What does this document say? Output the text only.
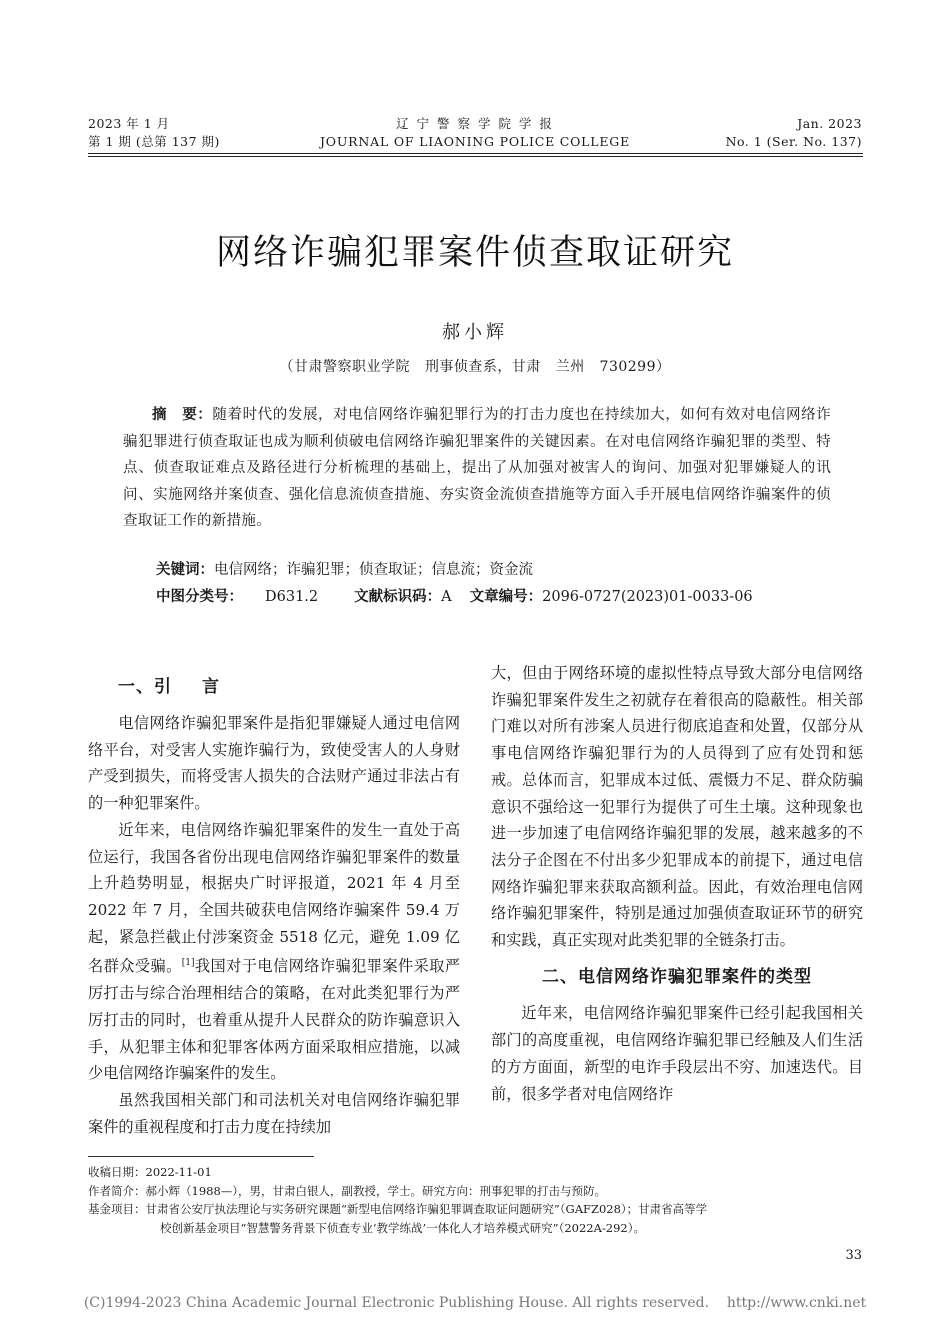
2023 年 1 月
第 1 期 (总第 137 期)
辽 宁 警 察 学 院 学 报
JOURNAL OF LIAONING POLICE COLLEGE
Jan. 2023
No. 1 (Ser. No. 137)
网络诈骗犯罪案件侦查取证研究
郝小辉
（甘肃警察职业学院   刑事侦查系，甘肃   兰州   730299）
摘　要：随着时代的发展，对电信网络诈骗犯罪行为的打击力度也在持续加大，如何有效对电信网络诈骗犯罪进行侦查取证也成为顺利侦破电信网络诈骗犯罪案件的关键因素。在对电信网络诈骗犯罪的类型、特点、侦查取证难点及路径进行分析梳理的基础上，提出了从加强对被害人的询问、加强对犯罪嫌疑人的讯问、实施网络并案侦查、强化信息流侦查措施、夯实资金流侦查措施等方面入手开展电信网络诈骗案件的侦查取证工作的新措施。
关键词：电信网络；诈骗犯罪；侦查取证；信息流；资金流
中图分类号： D631.2 文献标识码：A 文章编号：2096-0727(2023)01-0033-06
一、引 言

电信网络诈骗犯罪案件是指犯罪嫌疑人通过电信网络平台，对受害人实施诈骗行为，致使受害人的人身财产受到损失，而将受害人损失的合法财产通过非法占有的一种犯罪案件。

近年来，电信网络诈骗犯罪案件的发生一直处于高位运行，我国各省份出现电信网络诈骗犯罪案件的数量上升趋势明显，根据央广时评报道，2021 年 4 月至 2022 年 7 月，全国共破获电信网络诈骗案件 59.4 万起，紧急拦截止付涉案资金 5518 亿元，避免 1.09 亿名群众受骗。[1]我国对于电信网络诈骗犯罪案件采取严厉打击与综合治理相结合的策略，在对此类犯罪行为严厉打击的同时，也着重从提升人民群众的防诈骗意识入手，从犯罪主体和犯罪客体两方面采取相应措施，以减少电信网络诈骗案件的发生。

虽然我国相关部门和司法机关对电信网络诈骗犯罪案件的重视程度和打击力度在持续加

大，但由于网络环境的虚拟性特点导致大部分电信网络诈骗犯罪案件发生之初就存在着很高的隐蔽性。相关部门难以对所有涉案人员进行彻底追查和处置，仅部分从事电信网络诈骗犯罪行为的人员得到了应有处罚和惩戒。总体而言，犯罪成本过低、震慑力不足、群众防骗意识不强给这一犯罪行为提供了可生土壤。这种现象也进一步加速了电信网络诈骗犯罪的发展，越来越多的不法分子企图在不付出多少犯罪成本的前提下，通过电信网络诈骗犯罪来获取高额利益。因此，有效治理电信网络诈骗犯罪案件，特别是通过加强侦查取证环节的研究和实践，真正实现对此类犯罪的全链条打击。

二、电信网络诈骗犯罪案件的类型

近年来，电信网络诈骗犯罪案件已经引起我国相关部门的高度重视，电信网络诈骗犯罪已经触及人们生活的方方面面，新型的电诈手段层出不穷、加速迭代。目前，很多学者对电信网络诈

收稿日期：2022-11-01
作者简介：郝小辉（1988—），男，甘肃白银人，副教授，学士。研究方向：刑事犯罪的打击与预防。
基金项目：甘肃省公安厅执法理论与实务研究课题“新型电信网络诈骗犯罪调查取证问题研究”（GAFZ028）；甘肃省高等学
校创新基金项目“智慧警务背景下侦查专业‘教学练战’一体化人才培养模式研究”（2022A-292）。
33
(C)1994-2023 China Academic Journal Electronic Publishing House. All rights reserved.    http://www.cnki.net
